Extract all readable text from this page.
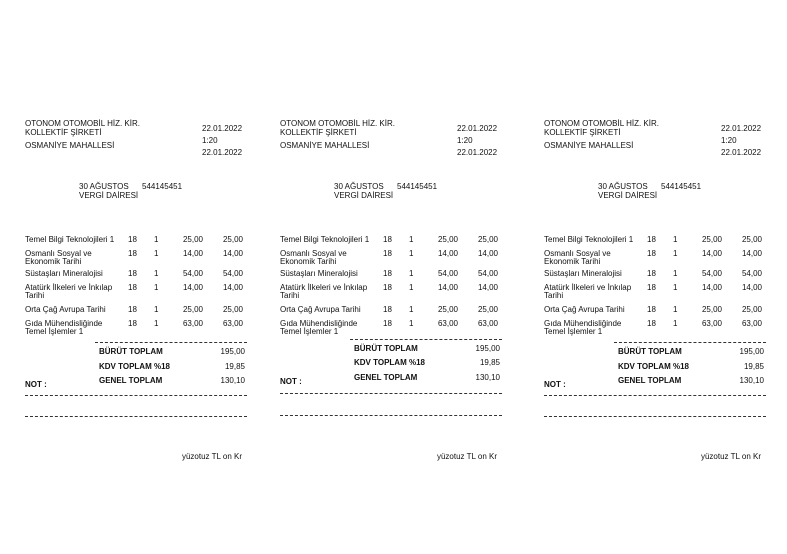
OTONOM OTOMOBİL HİZ. KİR. KOLLEKTİF ŞİRKETİ
OSMANİYE MAHALLESİ
22.01.2022
1:20
22.01.2022
30 AĞUSTOS VERGİ DAİRESİ
544145451
Temel Bilgi Teknolojileri 1	18 1	25,00	25,00
Osmanlı Sosyal ve Ekonomik Tarihi
18 1	14,00	14,00
Süstaşları Mineralojisi	18 1	54,00	54,00
Atatürk İlkeleri ve İnkılap Tarihi
18 1	14,00	14,00
Orta Çağ Avrupa Tarihi	18 1	25,00	25,00
Gıda Mühendisliğinde Temel İşlemler 1
18 1	63,00	63,00
BÜRÜT TOPLAM	195,00
KDV TOPLAM %18	19,85
GENEL TOPLAM	130,10
NOT :
yüzotuz TL on Kr
OTONOM OTOMOBİL HİZ. KİR. KOLLEKTİF ŞİRKETİ
OSMANİYE MAHALLESİ
22.01.2022
1:20
22.01.2022
30 AĞUSTOS VERGİ DAİRESİ
544145451
Temel Bilgi Teknolojileri 1	18 1	25,00	25,00
Osmanlı Sosyal ve Ekonomik Tarihi
18 1	14,00	14,00
Süstaşları Mineralojisi	18 1	54,00	54,00
Atatürk İlkeleri ve İnkılap Tarihi
18 1	14,00	14,00
Orta Çağ Avrupa Tarihi	18 1	25,00	25,00
Gıda Mühendisliğinde Temel İşlemler 1
18 1	63,00	63,00
BÜRÜT TOPLAM	195,00
KDV TOPLAM %18	19,85
GENEL TOPLAM	130,10
NOT :
yüzotuz TL on Kr
OTONOM OTOMOBİL HİZ. KİR. KOLLEKTİF ŞİRKETİ
OSMANİYE MAHALLESİ
22.01.2022
1:20
22.01.2022
30 AĞUSTOS VERGİ DAİRESİ
544145451
Temel Bilgi Teknolojileri 1	18 1	25,00	25,00
Osmanlı Sosyal ve Ekonomik Tarihi
18 1	14,00	14,00
Süstaşları Mineralojisi	18 1	54,00	54,00
Atatürk İlkeleri ve İnkılap Tarihi
18 1	14,00	14,00
Orta Çağ Avrupa Tarihi	18 1	25,00	25,00
Gıda Mühendisliğinde Temel İşlemler 1
18 1	63,00	63,00
BÜRÜT TOPLAM	195,00
KDV TOPLAM %18	19,85
GENEL TOPLAM	130,10
NOT :
yüzotuz TL on Kr
